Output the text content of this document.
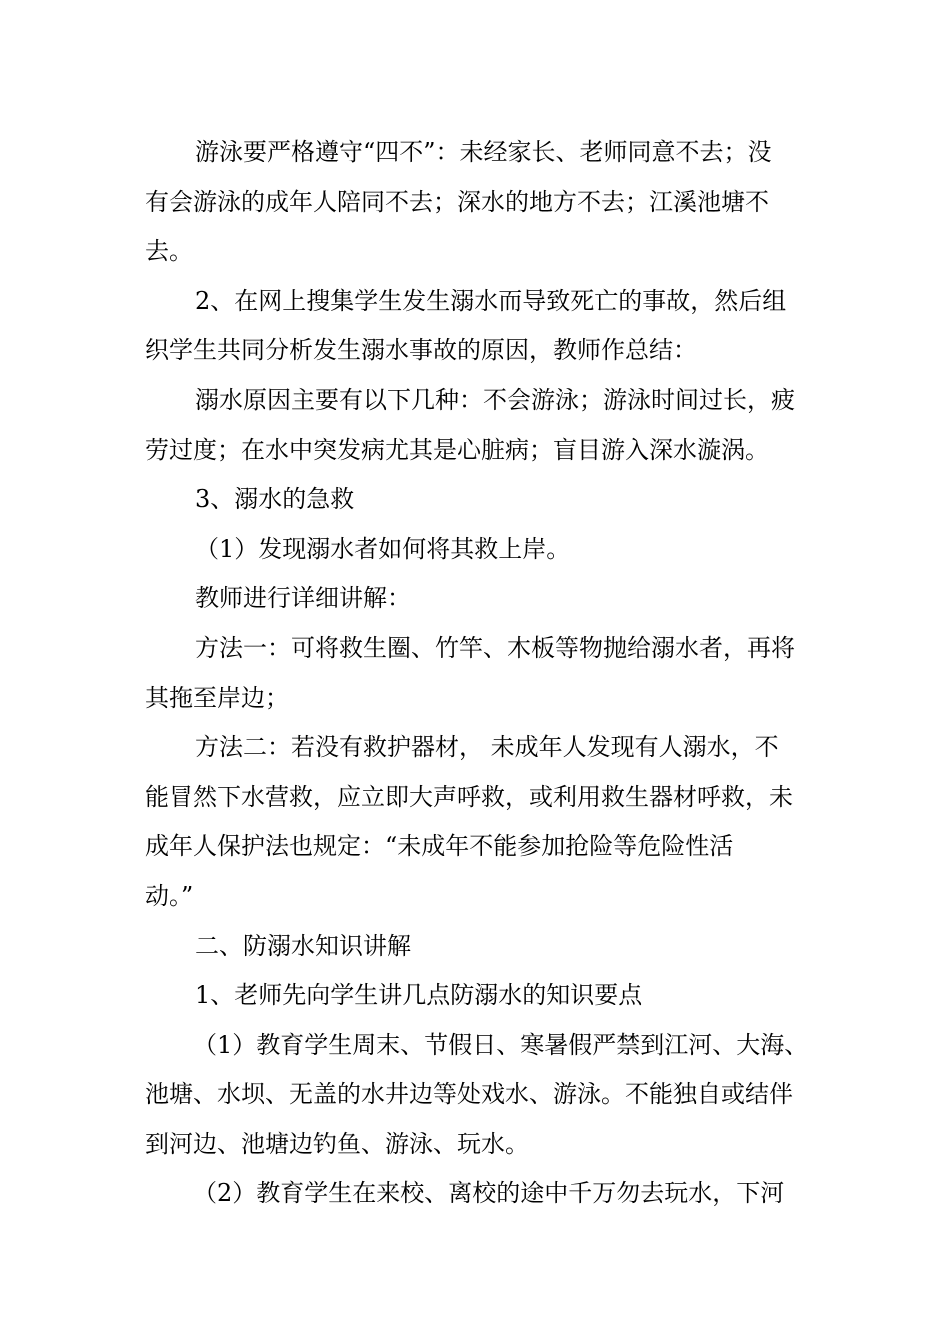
游泳要严格遵守“四不”：未经家长、老师同意不去；没
有会游泳的成年人陪同不去；深水的地方不去；江溪池塘不
去。
2、在网上搜集学生发生溺水而导致死亡的事故，然后组
织学生共同分析发生溺水事故的原因，教师作总结：
溺水原因主要有以下几种：不会游泳；游泳时间过长，疲
劳过度；在水中突发病尤其是心脏病；盲目游入深水漩涡。
3、溺水的急救
（1）发现溺水者如何将其救上岸。
教师进行详细讲解：
方法一：可将救生圈、竹竿、木板等物抛给溺水者，再将
其拖至岸边；
方法二：若没有救护器材， 未成年人发现有人溺水，不
能冒然下水营救，应立即大声呼救，或利用救生器材呼救，未
成年人保护法也规定：“未成年不能参加抢险等危险性活
动。”
二、防溺水知识讲解
1、老师先向学生讲几点防溺水的知识要点
（1）教育学生周末、节假日、寒暑假严禁到江河、大海、
池塘、水坝、无盖的水井边等处戏水、游泳。不能独自或结伴
到河边、池塘边钓鱼、游泳、玩水。
（2）教育学生在来校、离校的途中千万勿去玩水，下河
